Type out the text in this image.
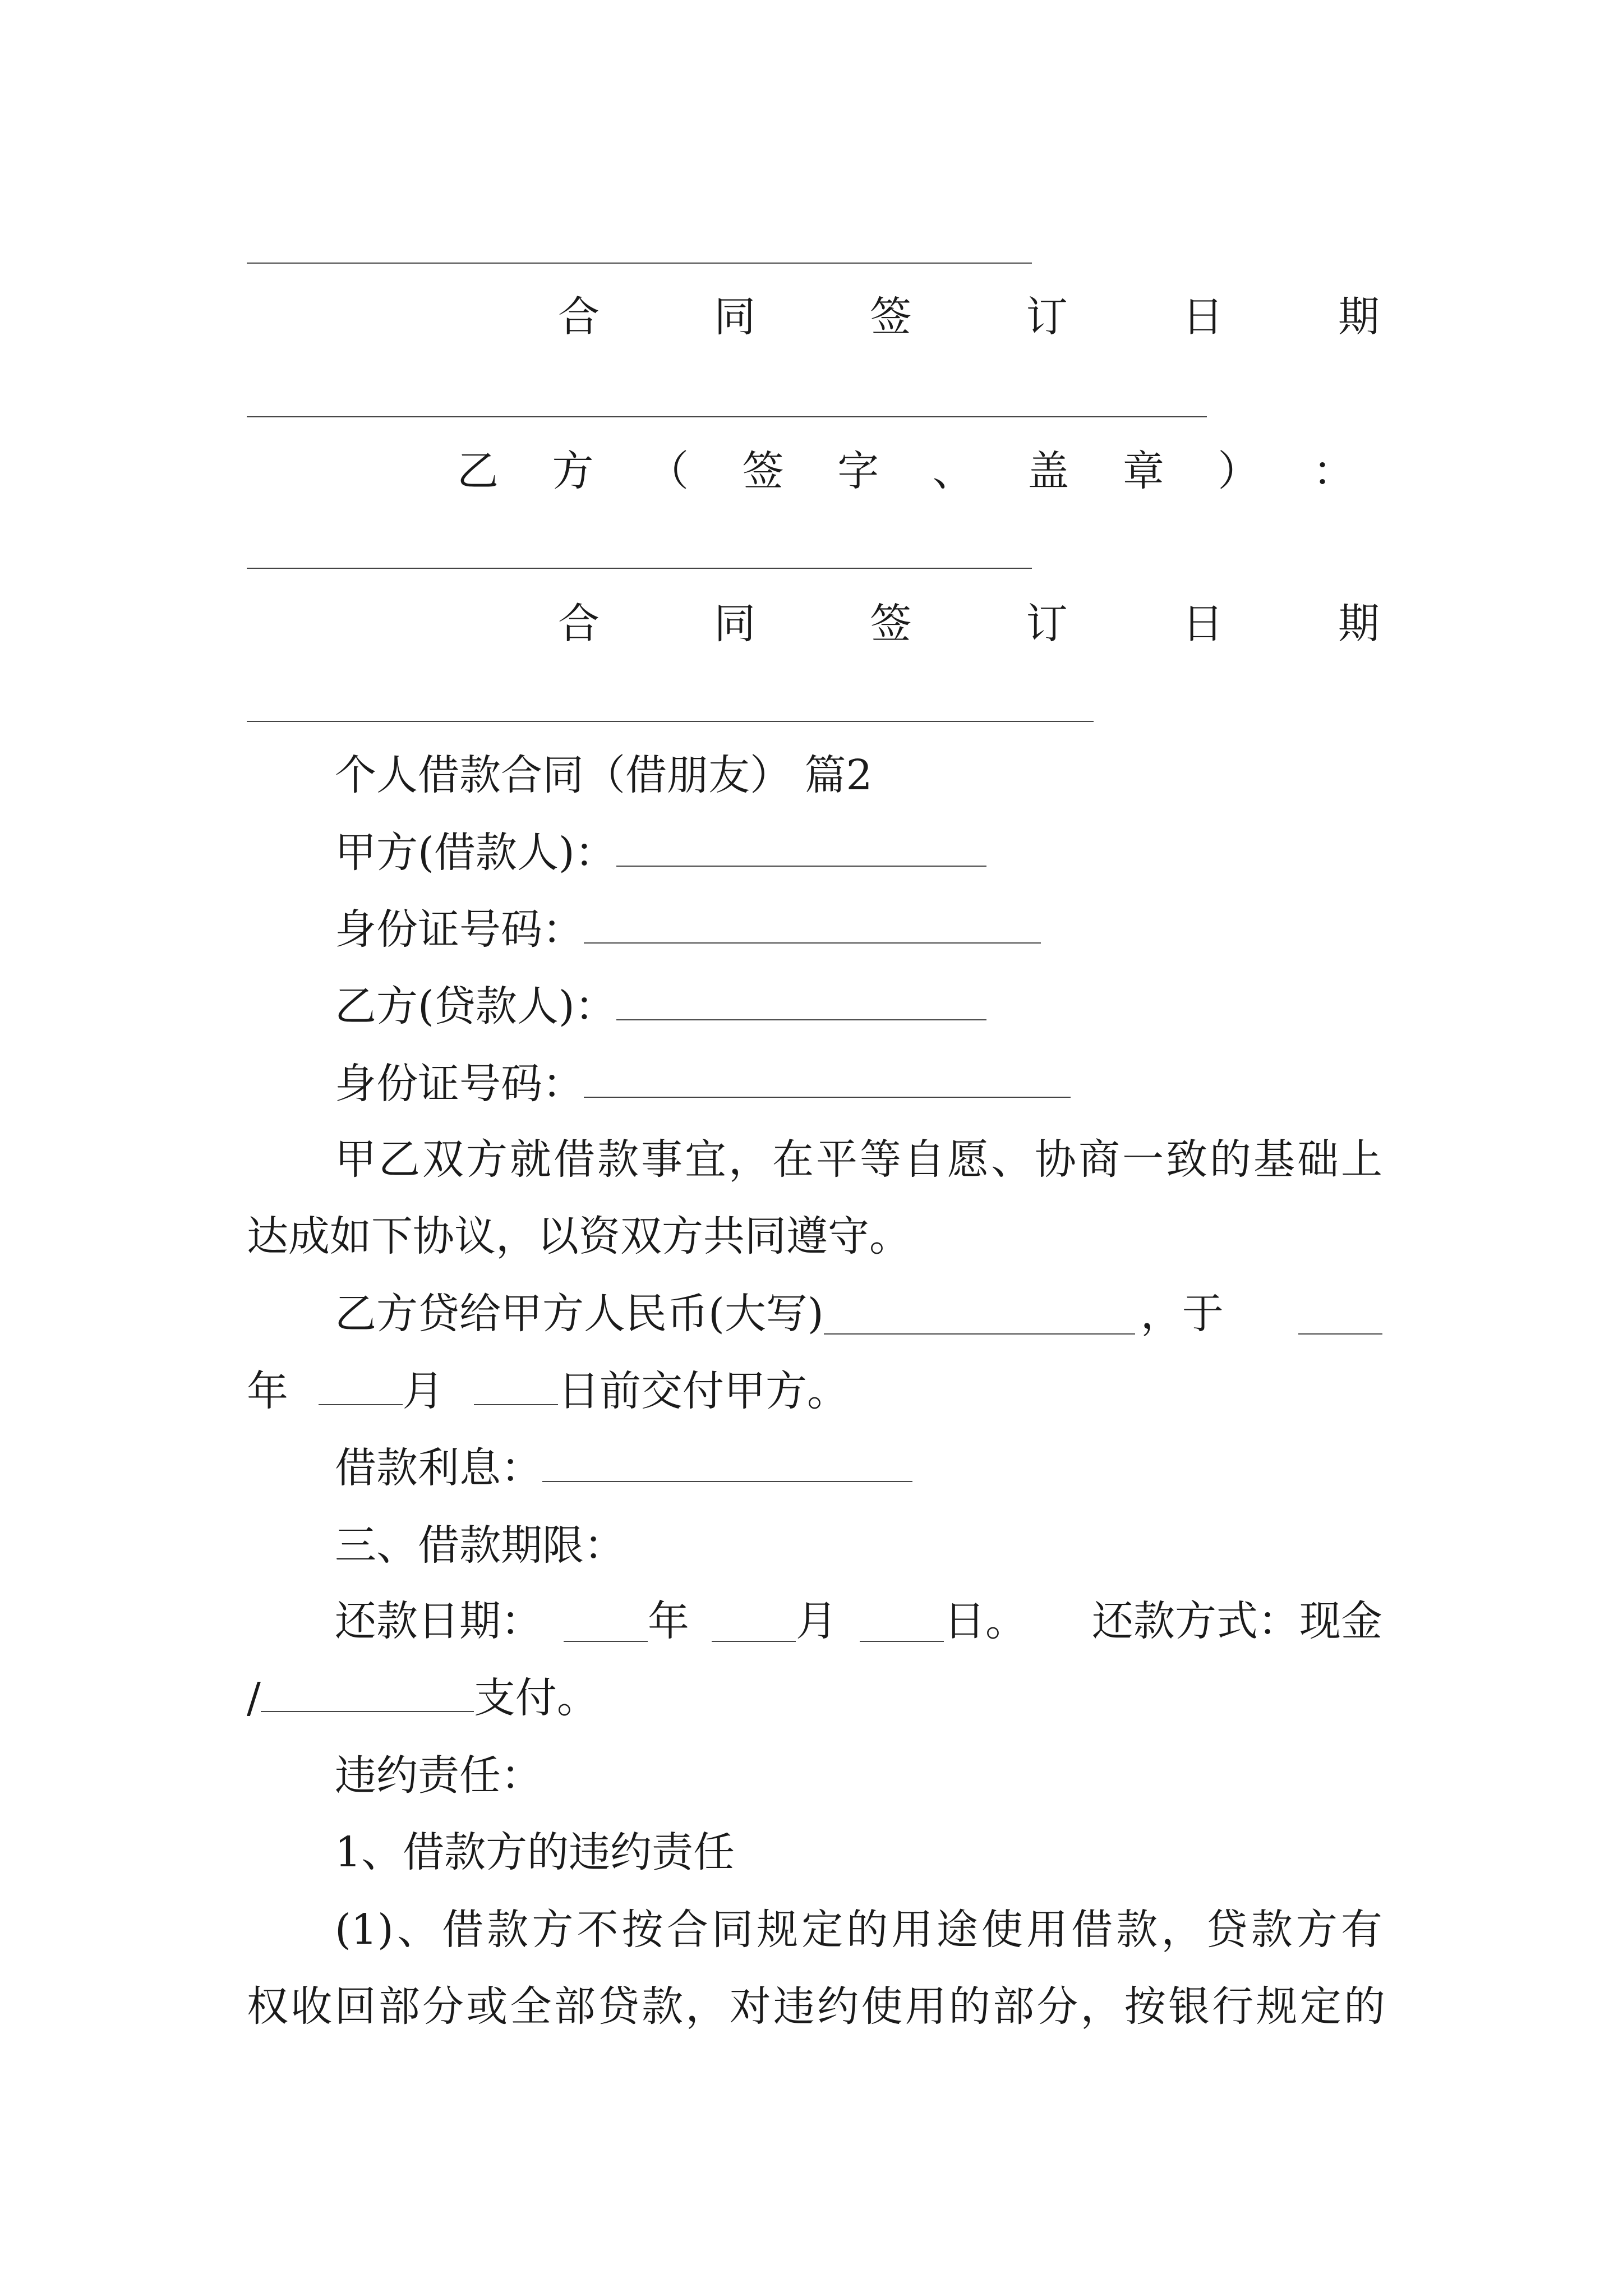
合	同	签	订	日	期
乙 方 （ 签 字 、 盖 章 ） ：
合	同	签	订	日	期
个人借款合同（借朋友） 篇2
甲方(借款人)：
身份证号码：
乙方(贷款人)：
身份证号码：
甲乙双方就借款事宜，在平等自愿、协商一致的基础上
达成如下协议，以资双方共同遵守。
乙方贷给甲方人民币(大写)	，于
年	月	日前交付甲方。
借款利息：
三、借款期限：
还款日期：	年	月	日。 还款方式：现金
/	支付。
违约责任：
1、借款方的违约责任
(1)、借款方不按合同规定的用途使用借款，贷款方有
权收回部分或全部贷款，对违约使用的部分，按银行规定的
